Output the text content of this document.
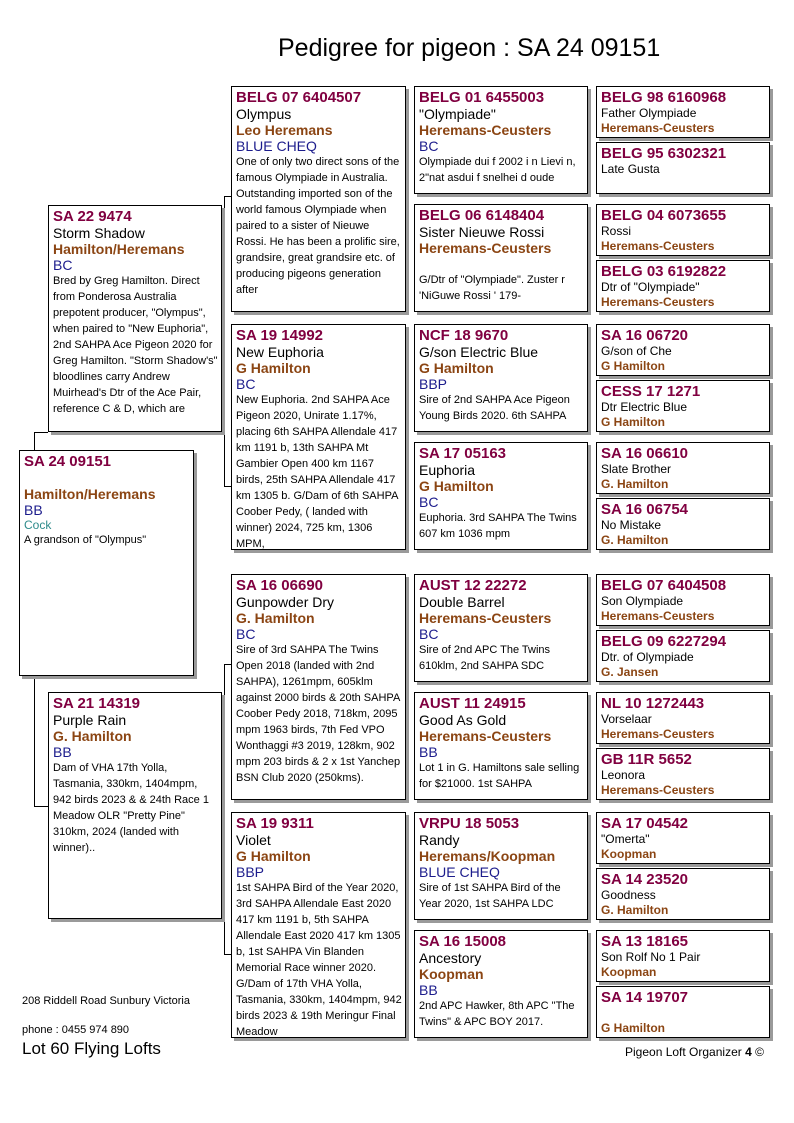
Pedigree for pigeon : SA 24 09151
SA 24 09151
Hamilton/Heremans
BB
Cock
A grandson of "Olympus"
SA 22 9474
Storm Shadow
Hamilton/Heremans
BC
Bred by Greg Hamilton. Direct from Ponderosa Australia prepotent producer, "Olympus", when paired to "New Euphoria", 2nd SAHPA Ace Pigeon 2020 for Greg Hamilton. "Storm Shadow's" bloodlines carry Andrew Muirhead's Dtr of the Ace Pair, reference C & D, which are
SA 21 14319
Purple Rain
G. Hamilton
BB
Dam of VHA 17th Yolla, Tasmania, 330km, 1404mpm, 942 birds 2023 & & 24th Race 1 Meadow OLR "Pretty Pine" 310km, 2024 (landed with winner)..
BELG 07 6404507
Olympus
Leo Heremans
BLUE CHEQ
One of only two direct sons of the famous Olympiade in Australia. Outstanding imported son of the world famous Olympiade when paired to a sister of Nieuwe Rossi. He has been a prolific sire, grandsire, great grandsire etc. of producing pigeons generation after
SA 19 14992
New Euphoria
G Hamilton
BC
New Euphoria. 2nd SAHPA Ace Pigeon 2020, Unirate 1.17%, placing 6th SAHPA Allendale 417 km 1191 b, 13th SAHPA Mt Gambier Open 400 km 1167 birds, 25th SAHPA Allendale 417 km 1305 b. G/Dam of 6th SAHPA Coober Pedy, ( landed with winner) 2024, 725 km, 1306 MPM,
SA 16 06690
Gunpowder Dry
G. Hamilton
BC
Sire of 3rd SAHPA The Twins Open 2018 (landed with 2nd SAHPA), 1261mpm, 605klm against 2000 birds & 20th SAHPA Coober Pedy 2018, 718km, 2095 mpm 1963 birds, 7th Fed VPO Wonthaggi #3 2019, 128km, 902 mpm 203 birds & 2 x 1st Yanchep BSN Club 2020 (250kms).
SA 19 9311
Violet
G Hamilton
BBP
1st SAHPA Bird of the Year 2020, 3rd SAHPA Allendale East 2020 417 km 1191 b, 5th SAHPA Allendale East 2020 417 km 1305 b, 1st SAHPA Vin Blanden Memorial Race winner 2020. G/Dam of 17th VHA Yolla, Tasmania, 330km, 1404mpm, 942 birds 2023 & 19th Meringur Final Meadow
BELG 01 6455003
"Olympiade"
Heremans-Ceusters
BC
Olympiade dui f 2002 i n Lievi n, 2"nat asdui f snelhei d oude
BELG 06 6148404
Sister Nieuwe Rossi
Heremans-Ceusters
G/Dtr of "Olympiade". Zuster r 'NiGuwe Rossi ' 179-
NCF 18 9670
G/son Electric Blue
G Hamilton
BBP
Sire of 2nd SAHPA Ace Pigeon Young Birds 2020. 6th SAHPA
SA 17 05163
Euphoria
G Hamilton
BC
Euphoria. 3rd SAHPA The Twins 607 km 1036 mpm
AUST 12 22272
Double Barrel
Heremans-Ceusters
BC
Sire of 2nd APC The Twins 610klm, 2nd SAHPA SDC
AUST 11 24915
Good As Gold
Heremans-Ceusters
BB
Lot 1 in G. Hamiltons sale selling for $21000. 1st SAHPA
VRPU 18 5053
Randy
Heremans/Koopman
BLUE CHEQ
Sire of 1st SAHPA Bird of the Year 2020, 1st SAHPA LDC
SA 16 15008
Ancestory
Koopman
BB
2nd APC Hawker, 8th APC "The Twins" & APC BOY 2017.
BELG 98 6160968
Father Olympiade
Heremans-Ceusters
BELG 95 6302321
Late Gusta
BELG 04 6073655
Rossi
Heremans-Ceusters
BELG 03 6192822
Dtr of "Olympiade"
Heremans-Ceusters
SA 16 06720
G/son of Che
G Hamilton
CESS 17 1271
Dtr Electric Blue
G Hamilton
SA 16 06610
Slate Brother
G. Hamilton
SA 16 06754
No Mistake
G. Hamilton
BELG 07 6404508
Son Olympiade
Heremans-Ceusters
BELG 09 6227294
Dtr. of Olympiade
G. Jansen
NL 10 1272443
Vorselaar
Heremans-Ceusters
GB 11R 5652
Leonora
Heremans-Ceusters
SA 17 04542
"Omerta"
Koopman
SA 14 23520
Goodness
G. Hamilton
SA 13 18165
Son Rolf No 1 Pair
Koopman
SA 14 19707
G Hamilton
208 Riddell Road Sunbury Victoria
phone : 0455 974 890
Lot 60 Flying Lofts	Pigeon Loft Organizer 4 ©
